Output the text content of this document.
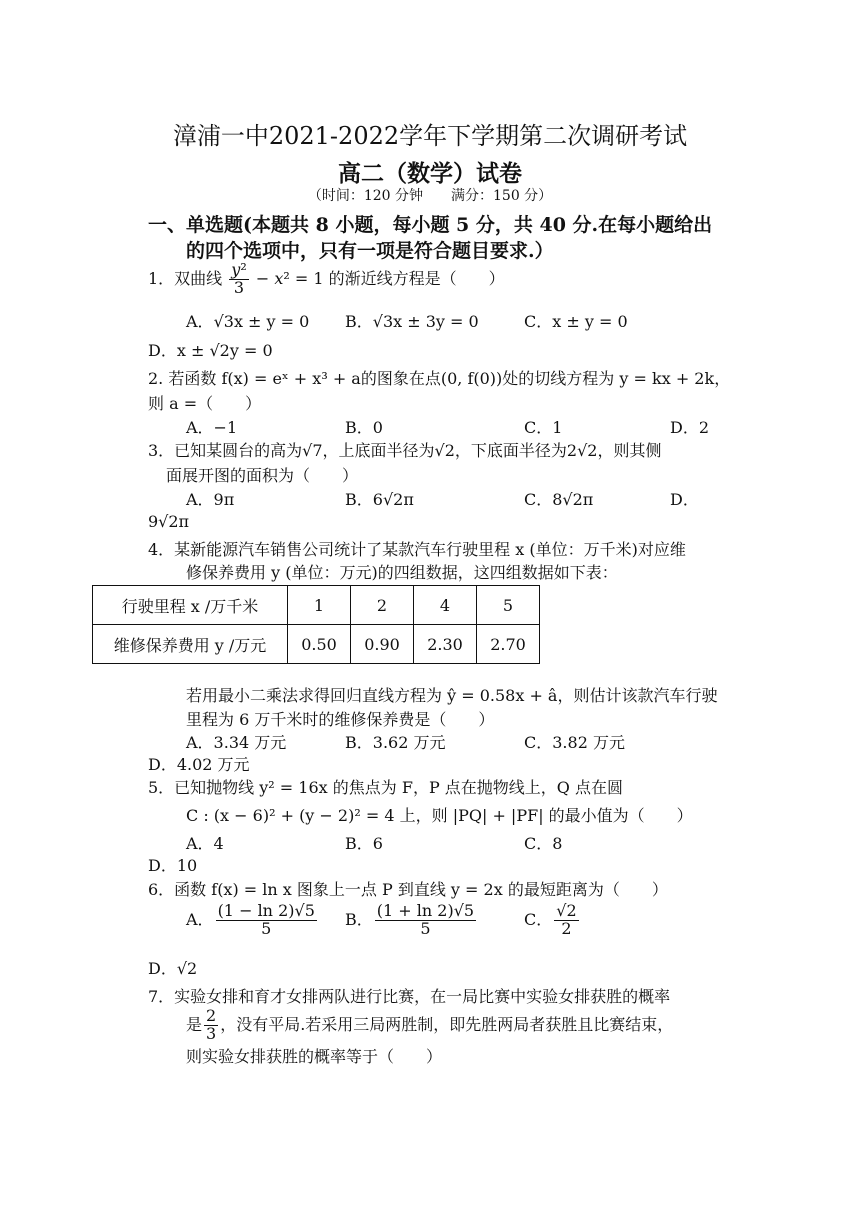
漳浦一中2021-2022学年下学期第二次调研考试
高二（数学）试卷
（时间：120 分钟　　满分：150 分）
一、单选题(本题共 8 小题，每小题 5 分，共 40 分.在每小题给出
的四个选项中，只有一项是符合题目要求.）
1．双曲线 $\frac{\text{y²}}{3} - x^2 = 1$ 的渐近线方程是（　　）
A．√3x ± y = 0 B．√3x ± 3y = 0	C．x ± y = 0
D．x ± √2y = 0
2. 若函数 f(x) = eˣ + x³ + a的图象在点(0, f(0))处的切线方程为 y = kx + 2k，
则 a =（　　）
A．−1	B．0	C．1	D．2
3．已知某圆台的高为√7，上底面半径为√2，下底面半径为2√2，则其侧
面展开图的面积为（　　）
A．9π	B．6√2π	C．8√2π	D．
9√2π
4．某新能源汽车销售公司统计了某款汽车行驶里程 x (单位：万千米)对应维
修保养费用 y (单位：万元)的四组数据，这四组数据如下表：
行驶里程 x /万千米	1	2	4	5
维修保养费用 y /万元	0.50	0.90	2.30	2.70
若用最小二乘法求得回归直线方程为 ŷ = 0.58x + â，则估计该款汽车行驶
里程为 6 万千米时的维修保养费是（　　）
A．3.34 万元	B．3.62 万元	C．3.82 万元
D．4.02 万元
5．已知抛物线 y² = 16x 的焦点为 F，P 点在抛物线上，Q 点在圆
C : (x − 6)² + (y − 2)² = 4 上，则 |PQ| + |PF| 的最小值为（　　）
A．4	B．6	C．8
D．10
6．函数 f(x) = ln x 图象上一点 P 到直线 y = 2x 的最短距离为（　　）
A． $\frac{(1 - \ln 2)√5}{5}$ B． $\frac{(1 + \ln 2)√5}{5}$	C． $\frac{√2}{2}$
D．√2
7．实验女排和育才女排两队进行比赛，在一局比赛中实验女排获胜的概率
是 $\frac{2}{3}$ ，没有平局.若采用三局两胜制，即先胜两局者获胜且比赛结束，
则实验女排获胜的概率等于（　　）
